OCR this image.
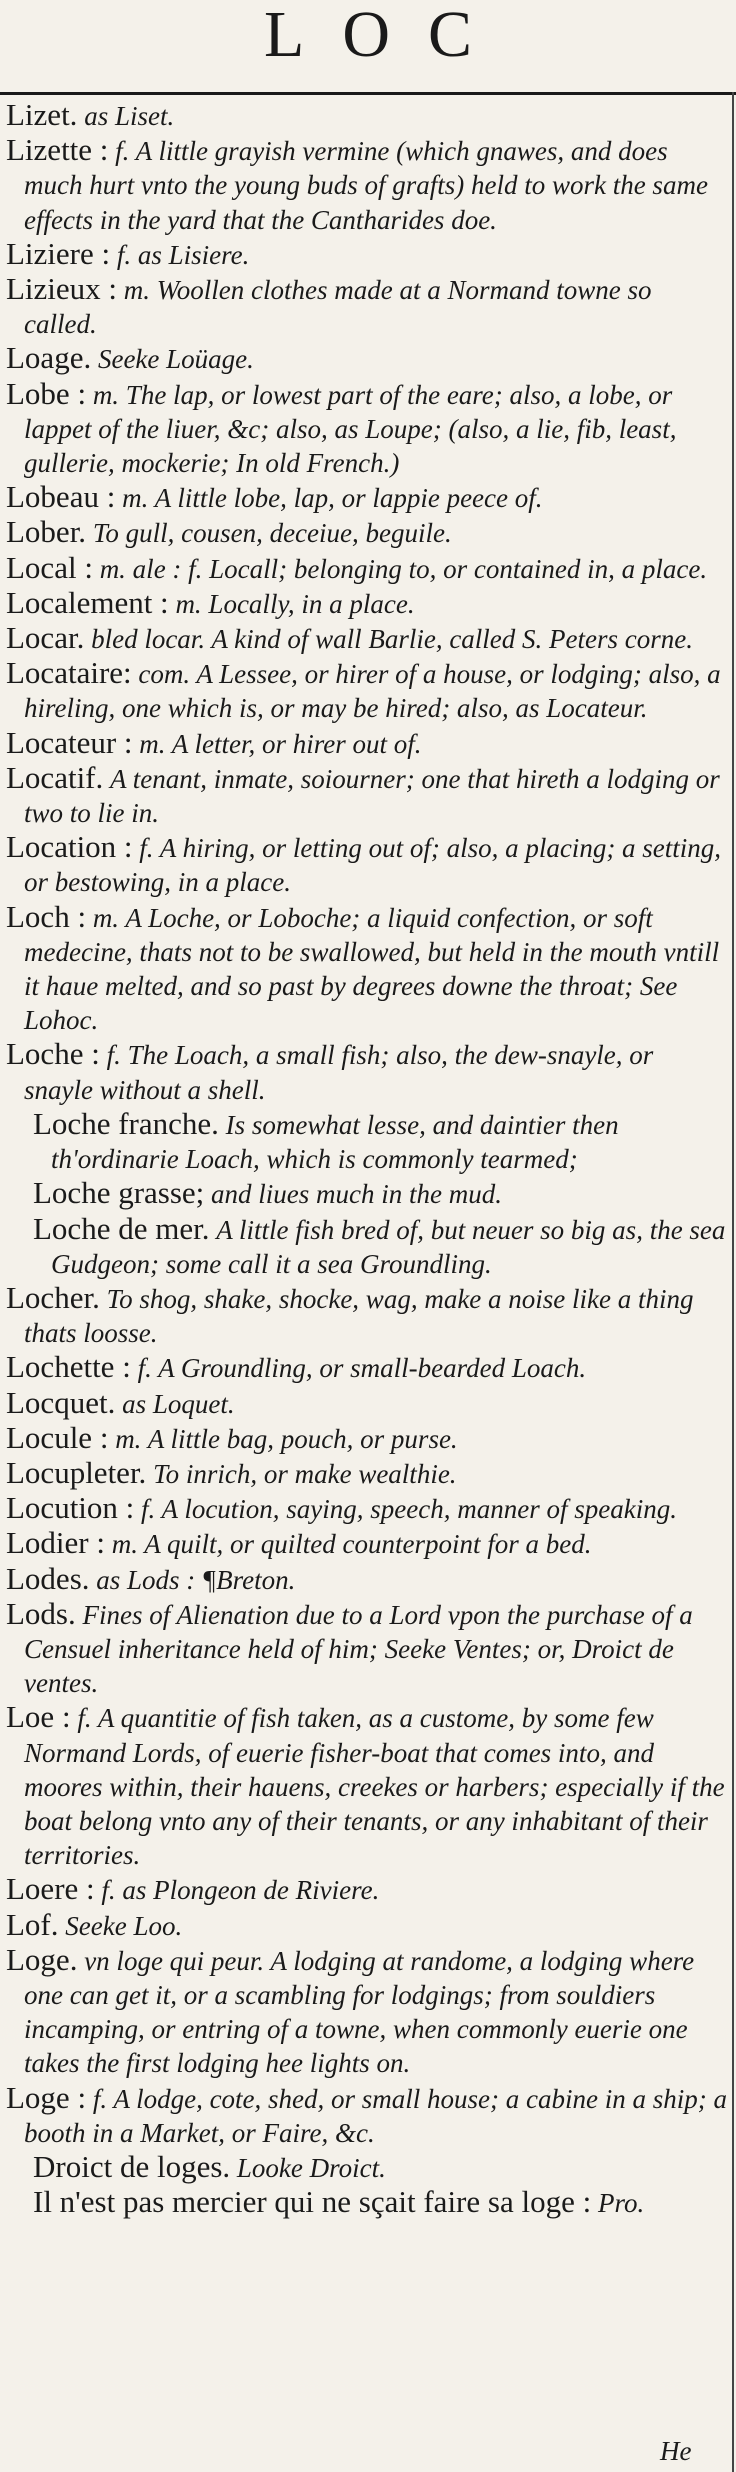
LOC

Lizet. as Liset.

Lizette : f. A little grayish vermine (which gnawes, and does much hurt vnto the young buds of grafts) held to work the same effects in the yard that the Cantharides doe.

Liziere : f. as Lisiere.

Lizieux : m. Woollen clothes made at a Normand towne so called.

Loage. Seeke Loüage.

Lobe : m. The lap, or lowest part of the eare; also, a lobe, or lappet of the liuer, &c; also, as Loupe; (also, a lie, fib, least, gullerie, mockerie; In old French.)

Lobeau : m. A little lobe, lap, or lappie peece of.

Lober. To gull, cousen, deceiue, beguile.

Local : m. ale : f. Locall; belonging to, or contained in, a place.

Localement : m. Locally, in a place.

Locar. bled locar. A kind of wall Barlie, called S. Peters corne.

Locataire: com. A Lessee, or hirer of a house, or lodging; also, a hireling, one which is, or may be hired; also, as Locateur.

Locateur : m. A letter, or hirer out of.

Locatif. A tenant, inmate, soiourner; one that hireth a lodging or two to lie in.

Location : f. A hiring, or letting out of; also, a placing; a setting, or bestowing, in a place.

Loch : m. A Loche, or Loboche; a liquid confection, or soft medecine, thats not to be swallowed, but held in the mouth vntill it haue melted, and so past by degrees downe the throat; See Lohoc.

Loche : f. The Loach, a small fish; also, the dew-snayle, or snayle without a shell.

Loche franche. Is somewhat lesse, and daintier then th'ordinarie Loach, which is commonly tearmed;

Loche grasse; and liues much in the mud.

Loche de mer. A little fish bred of, but neuer so big as, the sea Gudgeon; some call it a sea Groundling.

Locher. To shog, shake, shocke, wag, make a noise like a thing thats loosse.

Lochette : f. A Groundling, or small-bearded Loach.

Locquet. as Loquet.

Locule : m. A little bag, pouch, or purse.

Locupleter. To inrich, or make wealthie.

Locution : f. A locution, saying, speech, manner of speaking.

Lodier : m. A quilt, or quilted counterpoint for a bed.

Lodes. as Lods : ¶Breton.

Lods. Fines of Alienation due to a Lord vpon the purchase of a Censuel inheritance held of him; Seeke Ventes; or, Droict de ventes.

Loe : f. A quantitie of fish taken, as a custome, by some few Normand Lords, of euerie fisher-boat that comes into, and moores within, their hauens, creekes or harbers; especially if the boat belong vnto any of their tenants, or any inhabitant of their territories.

Loere : f. as Plongeon de Riviere.

Lof. Seeke Loo.

Loge. vn loge qui peur. A lodging at randome, a lodging where one can get it, or a scambling for lodgings; from souldiers incamping, or entring of a towne, when commonly euerie one takes the first lodging hee lights on.

Loge : f. A lodge, cote, shed, or small house; a cabine in a ship; a booth in a Market, or Faire, &c.

Droict de loges. Looke Droict.

Il n'est pas mercier qui ne sçait faire sa loge : Pro.

He
